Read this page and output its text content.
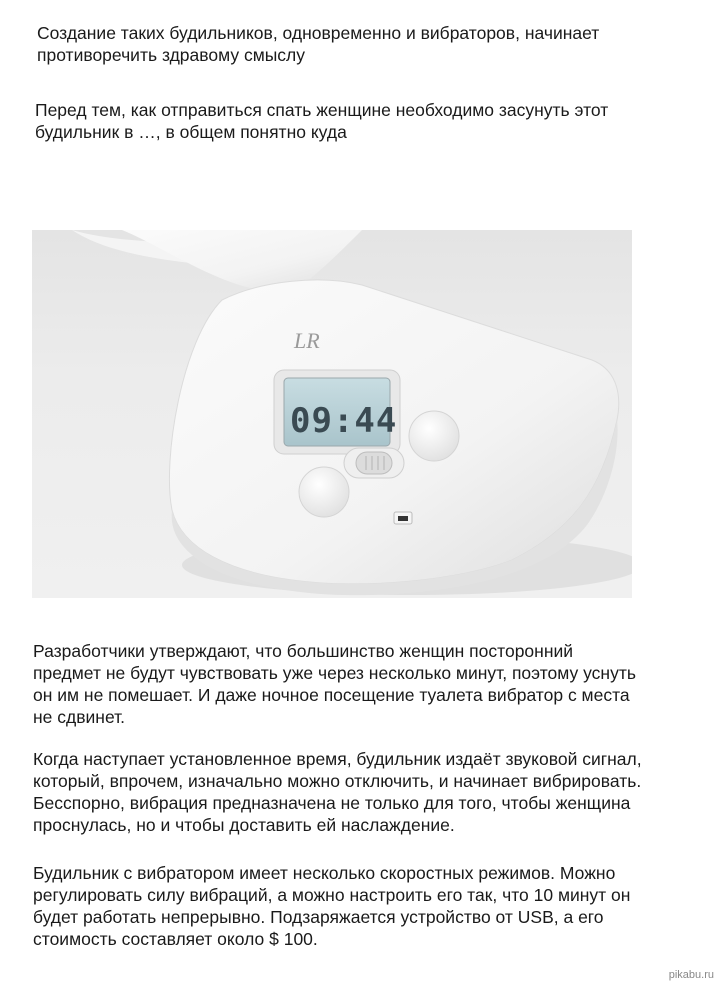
Создание таких будильников, одновременно и вибраторов, начинает
противоречить здравому смыслу

Перед тем, как отправиться спать женщине необходимо засунуть этот
будильник в …, в общем понятно куда

LR
09:44

Разработчики утверждают, что большинство женщин посторонний
предмет не будут чувствовать уже через несколько минут, поэтому уснуть
он им не помешает. И даже ночное посещение туалета вибратор с места
не сдвинет.

Когда наступает установленное время, будильник издаёт звуковой сигнал,
который, впрочем, изначально можно отключить, и начинает вибрировать.
Бесспорно, вибрация предназначена не только для того, чтобы женщина
проснулась, но и чтобы доставить ей наслаждение.

Будильник с вибратором имеет несколько скоростных режимов. Можно
регулировать силу вибраций, а можно настроить его так, что 10 минут он
будет работать непрерывно. Подзаряжается устройство от USB, а его
стоимость составляет около $ 100.

pikabu.ru
